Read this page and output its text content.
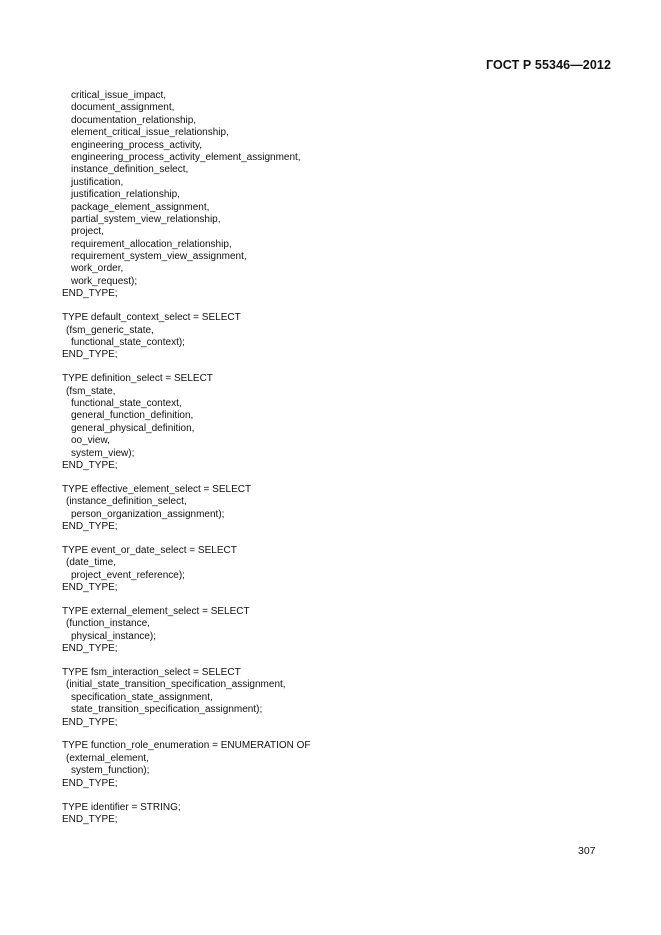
ГОСТ Р 55346—2012
critical_issue_impact,
document_assignment,
documentation_relationship,
element_critical_issue_relationship,
engineering_process_activity,
engineering_process_activity_element_assignment,
instance_definition_select,
justification,
justification_relationship,
package_element_assignment,
partial_system_view_relationship,
project,
requirement_allocation_relationship,
requirement_system_view_assignment,
work_order,
work_request);
END_TYPE;
TYPE default_context_select = SELECT
(fsm_generic_state,
functional_state_context);
END_TYPE;
TYPE definition_select = SELECT
(fsm_state,
functional_state_context,
general_function_definition,
general_physical_definition,
oo_view,
system_view);
END_TYPE;
TYPE effective_element_select = SELECT
(instance_definition_select,
person_organization_assignment);
END_TYPE;
TYPE event_or_date_select = SELECT
(date_time,
project_event_reference);
END_TYPE;
TYPE external_element_select = SELECT
(function_instance,
physical_instance);
END_TYPE;
TYPE fsm_interaction_select = SELECT
(initial_state_transition_specification_assignment,
specification_state_assignment,
state_transition_specification_assignment);
END_TYPE;
TYPE function_role_enumeration = ENUMERATION OF
(external_element,
system_function);
END_TYPE;
TYPE identifier = STRING;
END_TYPE;
307
